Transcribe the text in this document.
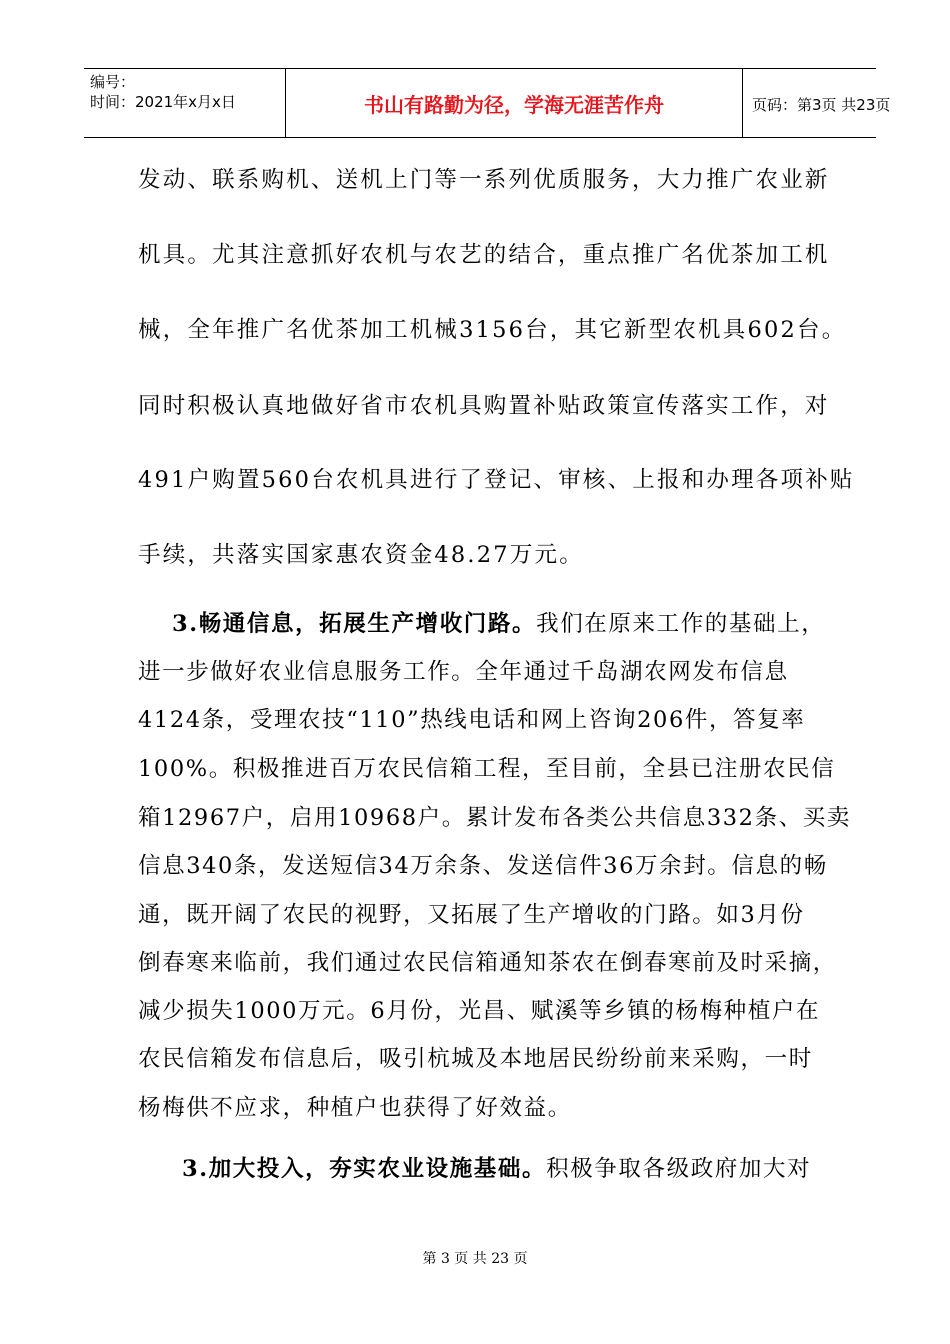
编号：
时间：2021年x月x日	书山有路勤为径，学海无涯苦作舟	页码：第3页 共23页
发动、联系购机、送机上门等一系列优质服务，大力推广农业新
机具。尤其注意抓好农机与农艺的结合，重点推广名优茶加工机
械，全年推广名优茶加工机械3156台，其它新型农机具602台。
同时积极认真地做好省市农机具购置补贴政策宣传落实工作，对
491户购置560台农机具进行了登记、审核、上报和办理各项补贴
手续，共落实国家惠农资金48.27万元。
3.畅通信息，拓展生产增收门路。我们在原来工作的基础上，
进一步做好农业信息服务工作。全年通过千岛湖农网发布信息
4124条，受理农技“110”热线电话和网上咨询206件，答复率
100%。积极推进百万农民信箱工程，至目前，全县已注册农民信
箱12967户，启用10968户。累计发布各类公共信息332条、买卖
信息340条，发送短信34万余条、发送信件36万余封。信息的畅
通，既开阔了农民的视野，又拓展了生产增收的门路。如3月份
倒春寒来临前，我们通过农民信箱通知茶农在倒春寒前及时采摘，
减少损失1000万元。6月份，光昌、赋溪等乡镇的杨梅种植户在
农民信箱发布信息后，吸引杭城及本地居民纷纷前来采购，一时
杨梅供不应求，种植户也获得了好效益。
3.加大投入，夯实农业设施基础。积极争取各级政府加大对
第 3 页 共 23 页
